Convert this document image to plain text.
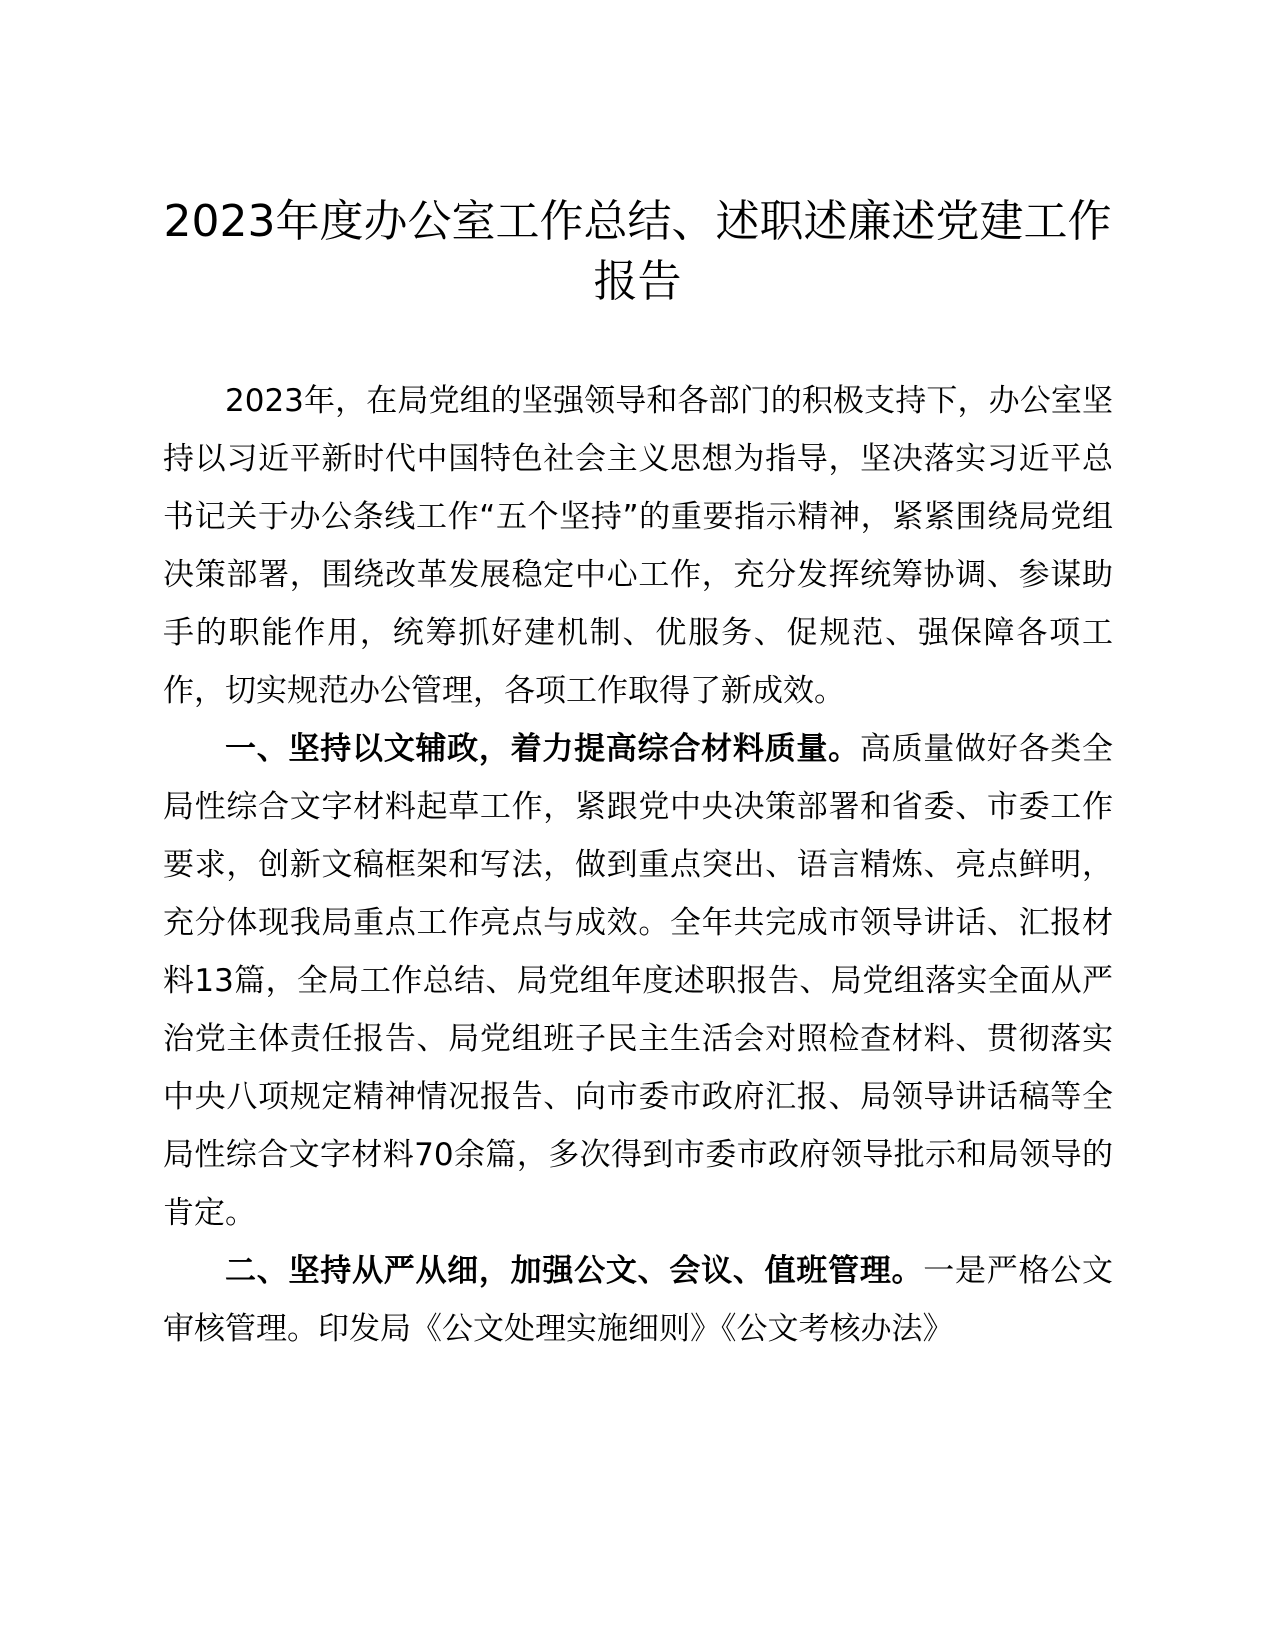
2023年度办公室工作总结、述职述廉述党建工作报告

2023年，在局党组的坚强领导和各部门的积极支持下，办公室坚持以习近平新时代中国特色社会主义思想为指导，坚决落实习近平总书记关于办公条线工作“五个坚持”的重要指示精神，紧紧围绕局党组决策部署，围绕改革发展稳定中心工作，充分发挥统筹协调、参谋助手的职能作用，统筹抓好建机制、优服务、促规范、强保障各项工作，切实规范办公管理，各项工作取得了新成效。

一、坚持以文辅政，着力提高综合材料质量。高质量做好各类全局性综合文字材料起草工作，紧跟党中央决策部署和省委、市委工作要求，创新文稿框架和写法，做到重点突出、语言精炼、亮点鲜明，充分体现我局重点工作亮点与成效。全年共完成市领导讲话、汇报材料13篇，全局工作总结、局党组年度述职报告、局党组落实全面从严治党主体责任报告、局党组班子民主生活会对照检查材料、贯彻落实中央八项规定精神情况报告、向市委市政府汇报、局领导讲话稿等全局性综合文字材料70余篇，多次得到市委市政府领导批示和局领导的肯定。

二、坚持从严从细，加强公文、会议、值班管理。一是严格公文审核管理。印发局《公文处理实施细则》《公文考核办法》
